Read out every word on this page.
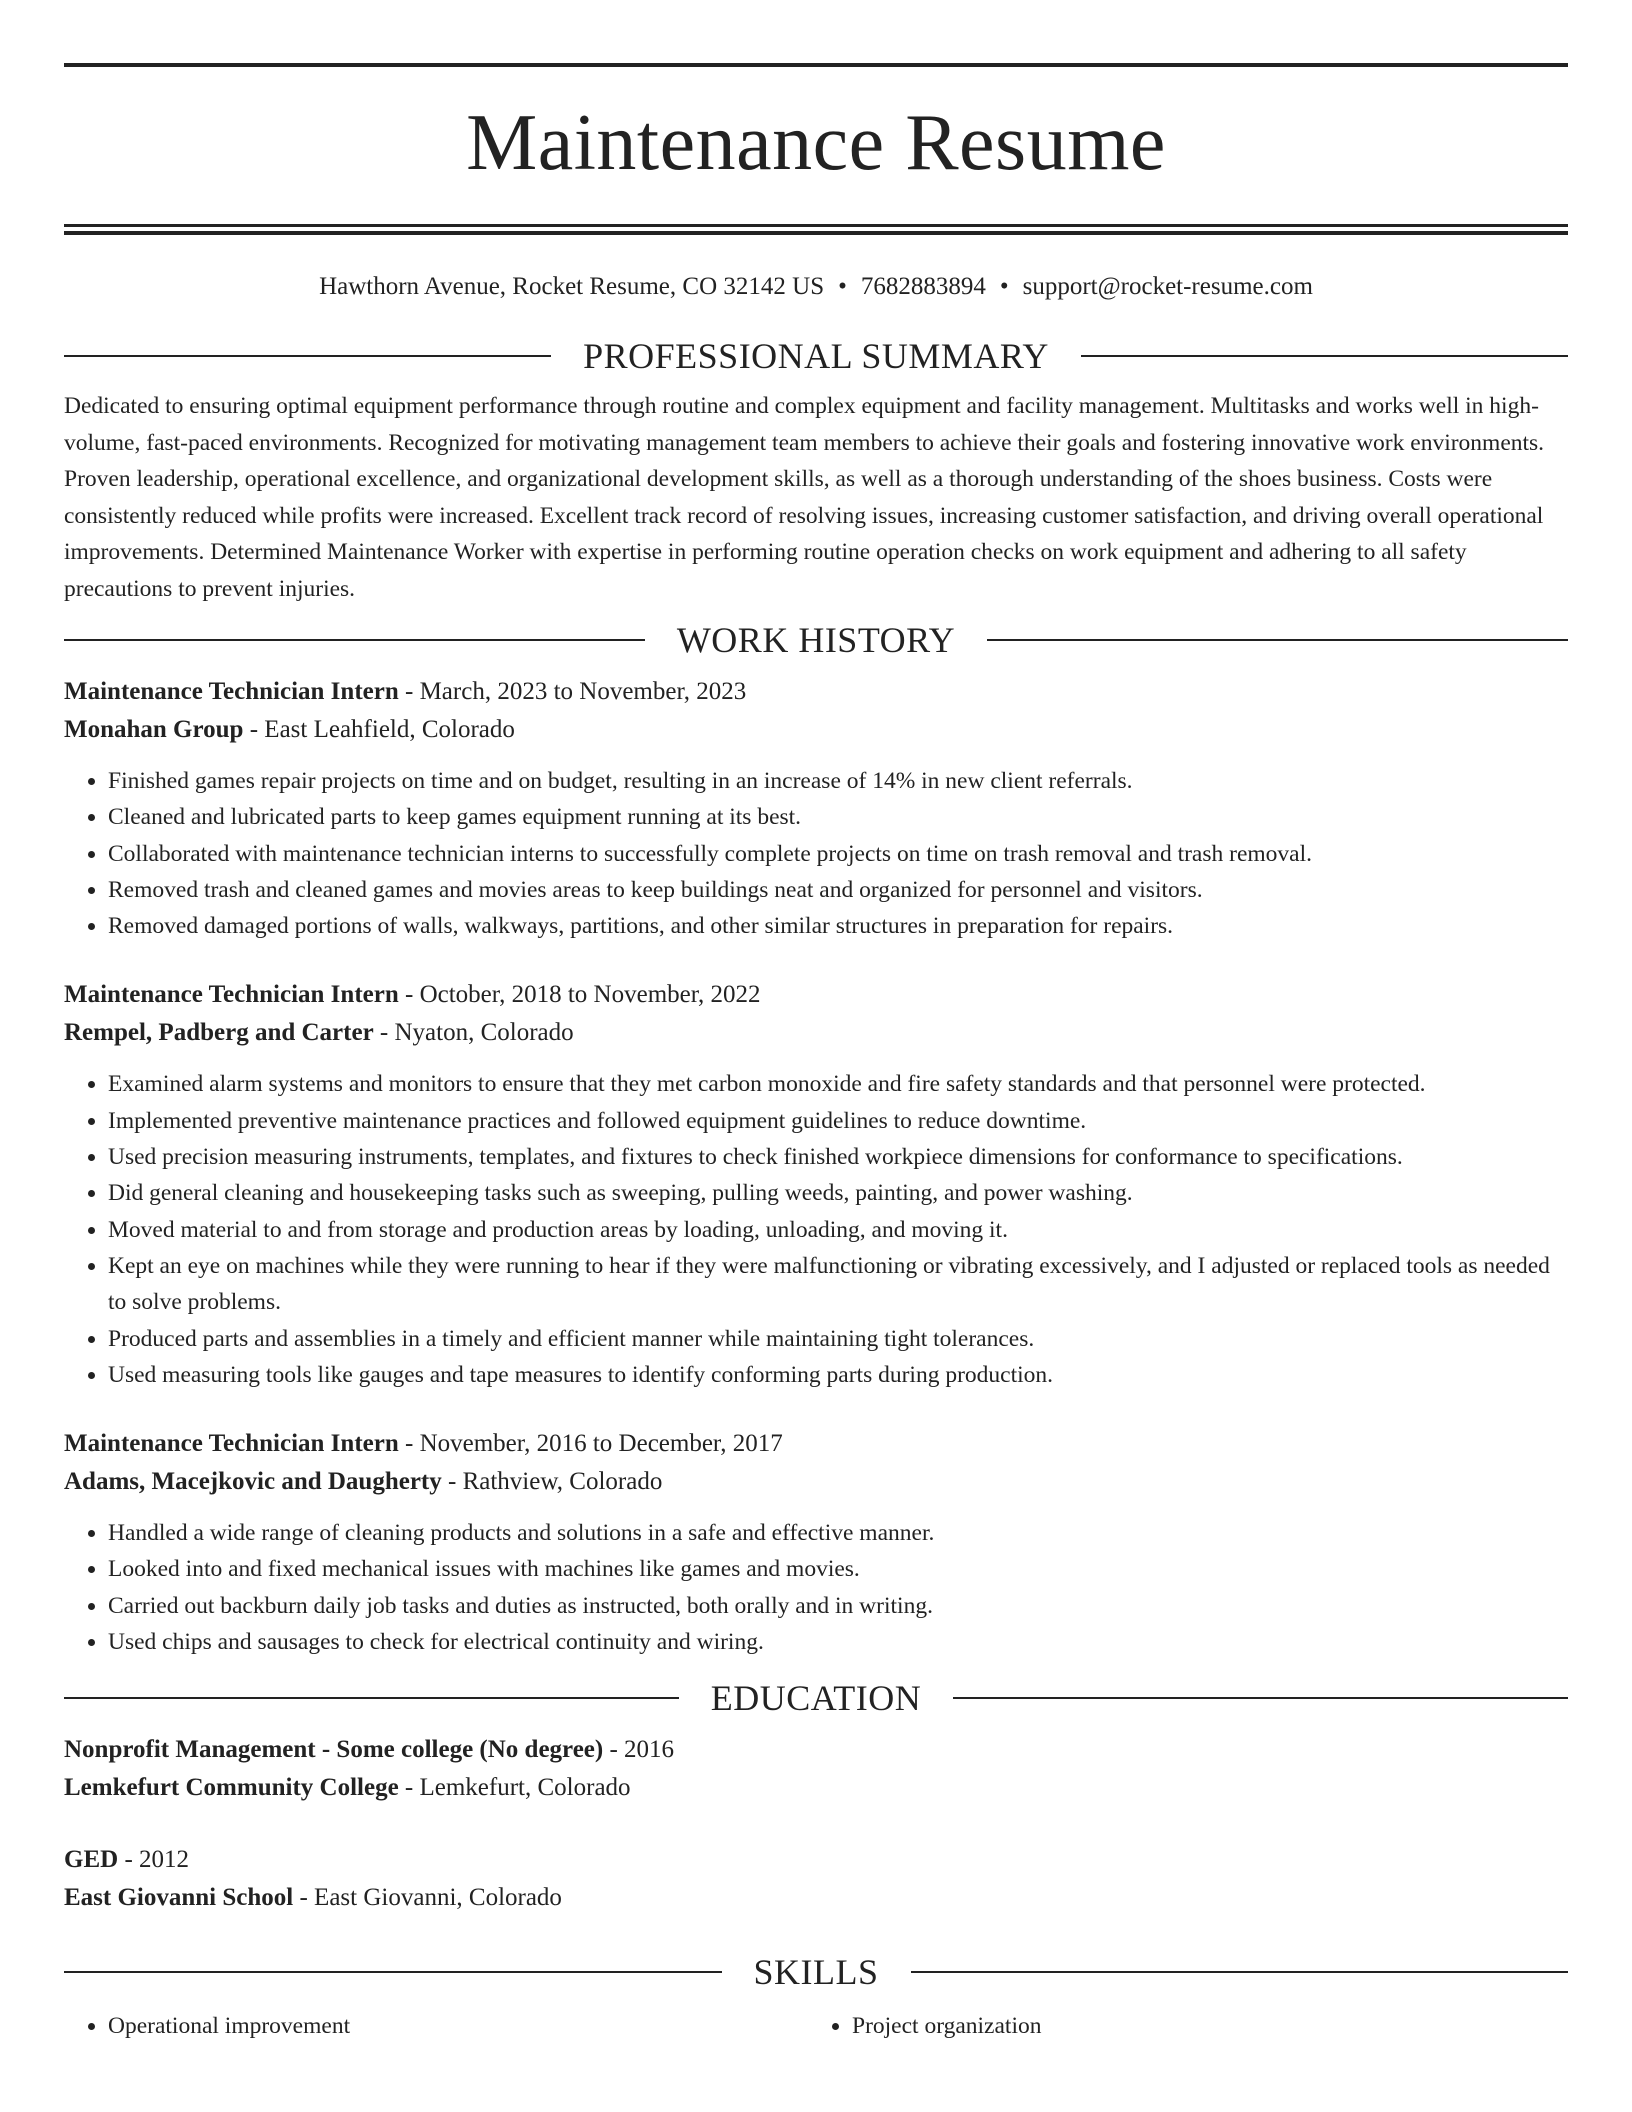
Maintenance Resume
Hawthorn Avenue, Rocket Resume, CO 32142 US • 7682883894 • support@rocket-resume.com
PROFESSIONAL SUMMARY

Dedicated to ensuring optimal equipment performance through routine and complex equipment and facility management. Multitasks and works well in high-volume, fast-paced environments. Recognized for motivating management team members to achieve their goals and fostering innovative work environments. Proven leadership, operational excellence, and organizational development skills, as well as a thorough understanding of the shoes business. Costs were consistently reduced while profits were increased. Excellent track record of resolving issues, increasing customer satisfaction, and driving overall operational improvements. Determined Maintenance Worker with expertise in performing routine operation checks on work equipment and adhering to all safety precautions to prevent injuries.

WORK HISTORY
Maintenance Technician Intern - March, 2023 to November, 2023
Monahan Group - East Leahfield, Colorado
• Finished games repair projects on time and on budget, resulting in an increase of 14% in new client referrals.
• Cleaned and lubricated parts to keep games equipment running at its best.
• Collaborated with maintenance technician interns to successfully complete projects on time on trash removal and trash removal.
• Removed trash and cleaned games and movies areas to keep buildings neat and organized for personnel and visitors.
• Removed damaged portions of walls, walkways, partitions, and other similar structures in preparation for repairs.
Maintenance Technician Intern - October, 2018 to November, 2022
Rempel, Padberg and Carter - Nyaton, Colorado
• Examined alarm systems and monitors to ensure that they met carbon monoxide and fire safety standards and that personnel were protected.
• Implemented preventive maintenance practices and followed equipment guidelines to reduce downtime.
• Used precision measuring instruments, templates, and fixtures to check finished workpiece dimensions for conformance to specifications.
• Did general cleaning and housekeeping tasks such as sweeping, pulling weeds, painting, and power washing.
• Moved material to and from storage and production areas by loading, unloading, and moving it.
• Kept an eye on machines while they were running to hear if they were malfunctioning or vibrating excessively, and I adjusted or replaced tools as needed to solve problems.
• Produced parts and assemblies in a timely and efficient manner while maintaining tight tolerances.
• Used measuring tools like gauges and tape measures to identify conforming parts during production.
Maintenance Technician Intern - November, 2016 to December, 2017
Adams, Macejkovic and Daugherty - Rathview, Colorado
• Handled a wide range of cleaning products and solutions in a safe and effective manner.
• Looked into and fixed mechanical issues with machines like games and movies.
• Carried out backburn daily job tasks and duties as instructed, both orally and in writing.
• Used chips and sausages to check for electrical continuity and wiring.
EDUCATION
Nonprofit Management - Some college (No degree) - 2016
Lemkefurt Community College - Lemkefurt, Colorado
GED - 2012
East Giovanni School - East Giovanni, Colorado
SKILLS
• Operational improvement
•	Project organization
